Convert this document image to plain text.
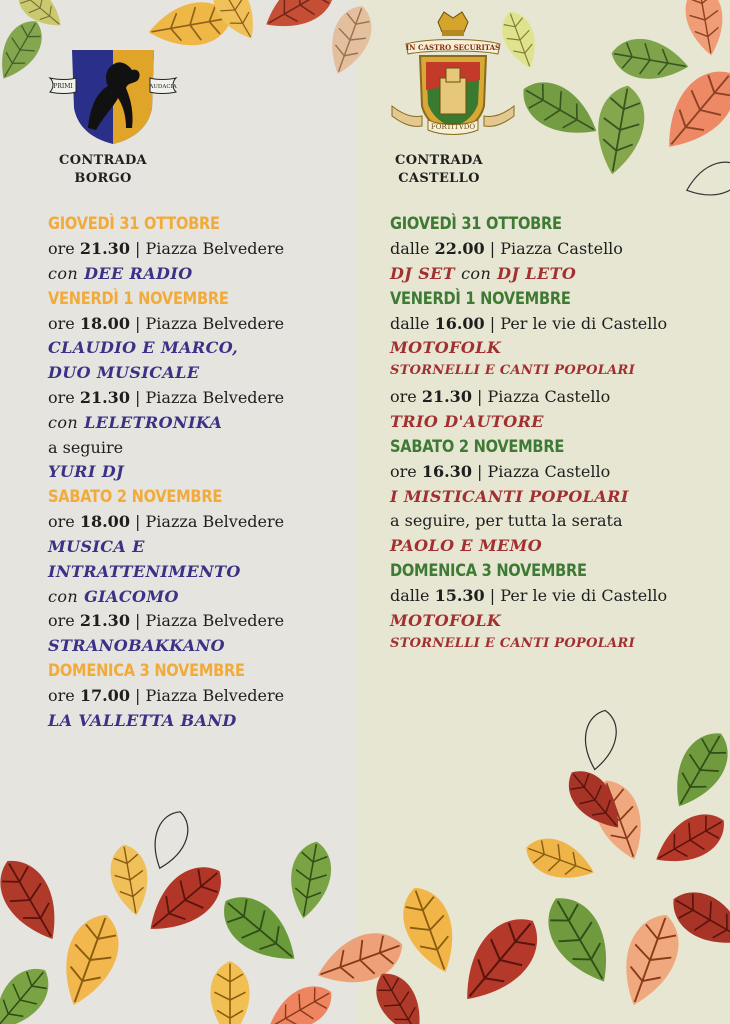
PRIMI	AUDACIA
IN CASTRO SECURITAS
FORTITVDO
CONTRADA
BORGO
CONTRADA
CASTELLO
GIOVEDÌ 31 OTTOBRE
ore 21.30 | Piazza Belvedere
con DEE RADIO
VENERDÌ 1 NOVEMBRE
ore 18.00 | Piazza Belvedere
CLAUDIO E MARCO,
DUO MUSICALE
ore 21.30 | Piazza Belvedere
con LELETRONIKA
a seguire
YURI DJ
SABATO 2 NOVEMBRE
ore 18.00 | Piazza Belvedere
MUSICA E
INTRATTENIMENTO
con GIACOMO
ore 21.30 | Piazza Belvedere
STRANOBAKKANO
DOMENICA 3 NOVEMBRE
ore 17.00 | Piazza Belvedere
LA VALLETTA BAND
GIOVEDÌ 31 OTTOBRE
dalle 22.00 | Piazza Castello
DJ SET con DJ LETO
VENERDÌ 1 NOVEMBRE
dalle 16.00 | Per le vie di Castello
MOTOFOLK
STORNELLI E CANTI POPOLARI
ore 21.30 | Piazza Castello
TRIO D'AUTORE
SABATO 2 NOVEMBRE
ore 16.30 | Piazza Castello
I MISTICANTI POPOLARI
a seguire, per tutta la serata
PAOLO E MEMO
DOMENICA 3 NOVEMBRE
dalle 15.30 | Per le vie di Castello
MOTOFOLK
STORNELLI E CANTI POPOLARI
